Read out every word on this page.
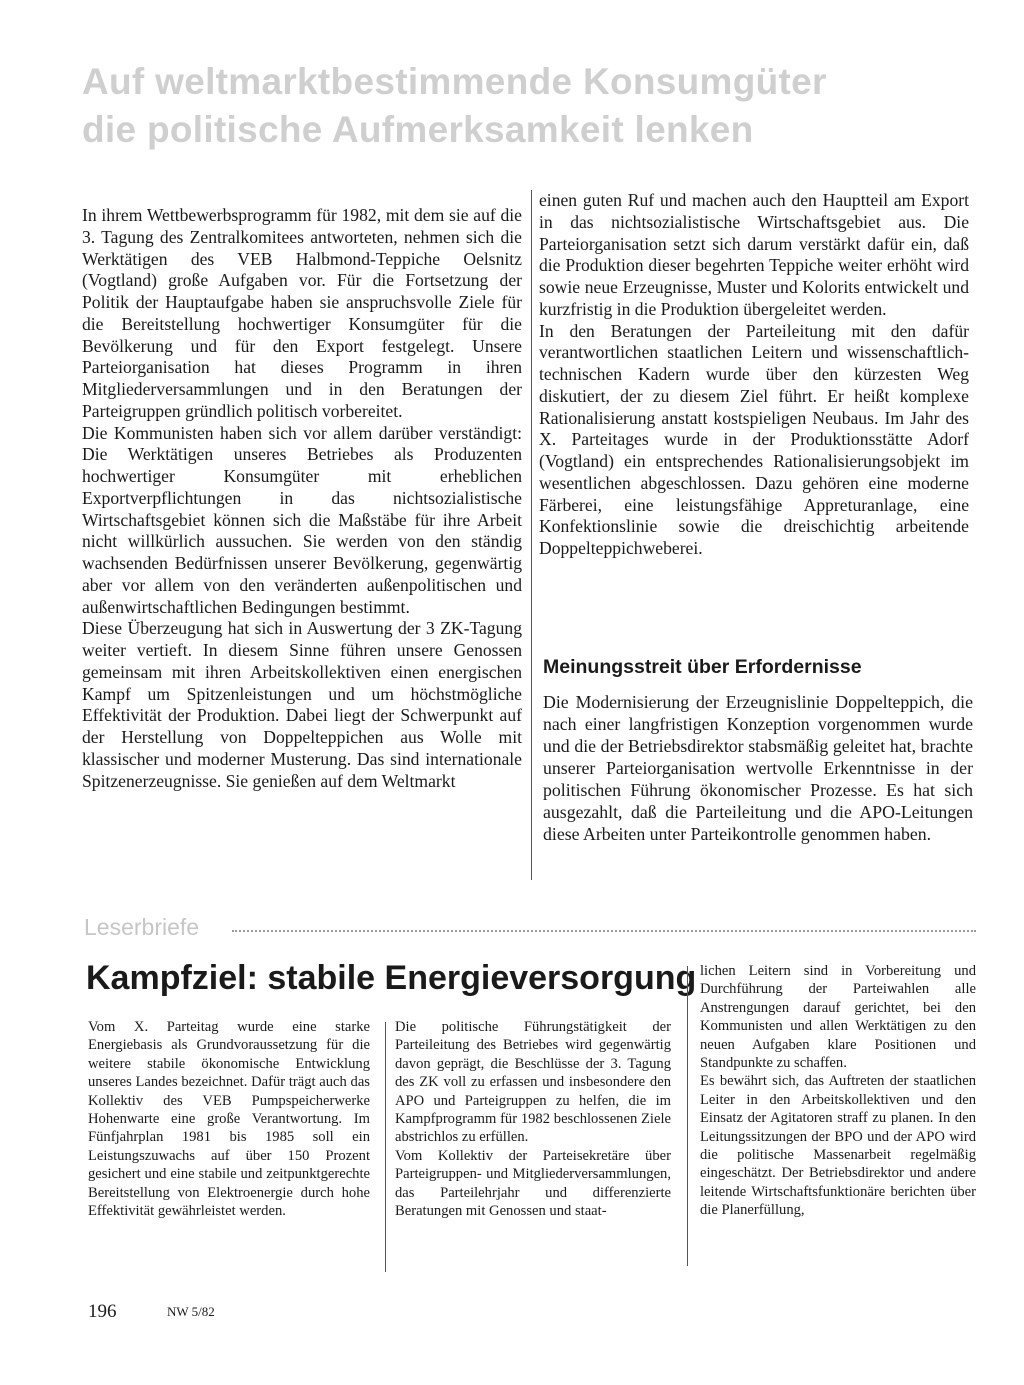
Auf weltmarktbestimmende Konsumgüter
die politische Aufmerksamkeit lenken

In ihrem Wettbewerbsprogramm für 1982, mit dem sie auf die 3. Tagung des Zentralkomitees antworteten, nehmen sich die Werktätigen des VEB Halbmond-Teppiche Oelsnitz (Vogtland) große Aufgaben vor. Für die Fortsetzung der Politik der Hauptaufgabe haben sie anspruchsvolle Ziele für die Bereitstellung hochwertiger Konsumgüter für die Bevölkerung und für den Export festgelegt. Unsere Parteiorganisation hat dieses Programm in ihren Mitgliederversammlungen und in den Beratungen der Parteigruppen gründlich politisch vorbereitet.

Die Kommunisten haben sich vor allem darüber verständigt: Die Werktätigen unseres Betriebes als Produzenten hochwertiger Konsumgüter mit erheblichen Exportverpflichtungen in das nichtsozialistische Wirtschaftsgebiet können sich die Maßstäbe für ihre Arbeit nicht willkürlich aussuchen. Sie werden von den ständig wachsenden Bedürfnissen unserer Bevölkerung, gegenwärtig aber vor allem von den veränderten außenpolitischen und außenwirtschaftlichen Bedingungen bestimmt.

Diese Überzeugung hat sich in Auswertung der 3 ZK-Tagung weiter vertieft. In diesem Sinne führen unsere Genossen gemeinsam mit ihren Arbeitskollektiven einen energischen Kampf um Spitzenleistungen und um höchstmögliche Effektivität der Produktion. Dabei liegt der Schwerpunkt auf der Herstellung von Doppelteppichen aus Wolle mit klassischer und moderner Musterung. Das sind internationale Spitzenerzeugnisse. Sie genießen auf dem Weltmarkt

einen guten Ruf und machen auch den Hauptteil am Export in das nichtsozialistische Wirtschaftsgebiet aus. Die Parteiorganisation setzt sich darum verstärkt dafür ein, daß die Produktion dieser begehrten Teppiche weiter erhöht wird sowie neue Erzeugnisse, Muster und Kolorits entwickelt und kurzfristig in die Produktion übergeleitet werden.

In den Beratungen der Parteileitung mit den dafür verantwortlichen staatlichen Leitern und wissenschaftlich-technischen Kadern wurde über den kürzesten Weg diskutiert, der zu diesem Ziel führt. Er heißt komplexe Rationalisierung anstatt kostspieligen Neubaus. Im Jahr des X. Parteitages wurde in der Produktionsstätte Adorf (Vogtland) ein entsprechendes Rationalisierungsobjekt im wesentlichen abgeschlossen. Dazu gehören eine moderne Färberei, eine leistungsfähige Appreturanlage, eine Konfektionslinie sowie die dreischichtig arbeitende Doppelteppichweberei.

Meinungsstreit über Erfordernisse

Die Modernisierung der Erzeugnislinie Doppelteppich, die nach einer langfristigen Konzeption vorgenommen wurde und die der Betriebsdirektor stabsmäßig geleitet hat, brachte unserer Parteiorganisation wertvolle Erkenntnisse in der politischen Führung ökonomischer Prozesse. Es hat sich ausgezahlt, daß die Parteileitung und die APO-Leitungen diese Arbeiten unter Parteikontrolle genommen haben.

Leserbriefe
Kampfziel: stabile Energieversorgung

Vom X. Parteitag wurde eine starke Energiebasis als Grundvoraussetzung für die weitere stabile ökonomische Entwicklung unseres Landes bezeichnet. Dafür trägt auch das Kollektiv des VEB Pumpspeicherwerke Hohenwarte eine große Verantwortung. Im Fünfjahrplan 1981 bis 1985 soll ein Leistungszuwachs auf über 150 Prozent gesichert und eine stabile und zeitpunktgerechte Bereitstellung von Elektroenergie durch hohe Effektivität gewährleistet werden.

Die politische Führungstätigkeit der Parteileitung des Betriebes wird gegenwärtig davon geprägt, die Beschlüsse der 3. Tagung des ZK voll zu erfassen und insbesondere den APO und Parteigruppen zu helfen, die im Kampfprogramm für 1982 beschlossenen Ziele abstrichlos zu erfüllen.

Vom Kollektiv der Parteisekretäre über Parteigruppen- und Mitgliederversammlungen, das Parteilehrjahr und differenzierte Beratungen mit Genossen und staat-

lichen Leitern sind in Vorbereitung und Durchführung der Parteiwahlen alle Anstrengungen darauf gerichtet, bei den Kommunisten und allen Werktätigen zu den neuen Aufgaben klare Positionen und Standpunkte zu schaffen.

Es bewährt sich, das Auftreten der staatlichen Leiter in den Arbeitskollektiven und den Einsatz der Agitatoren straff zu planen. In den Leitungssitzungen der BPO und der APO wird die politische Massenarbeit regelmäßig eingeschätzt. Der Betriebsdirektor und andere leitende Wirtschaftsfunktionäre berichten über die Planerfüllung,

196	NW 5/82
